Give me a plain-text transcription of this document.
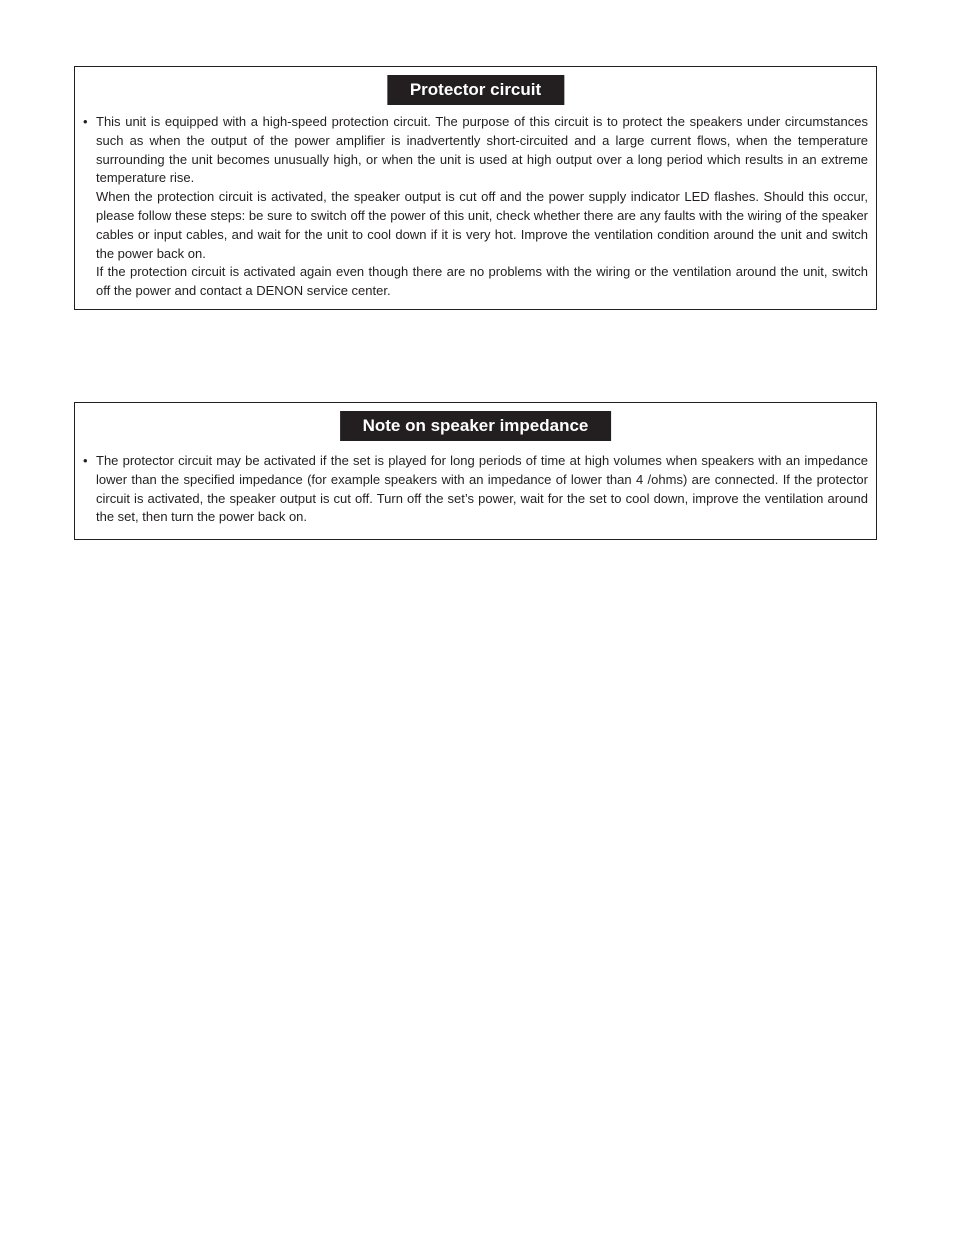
Protector circuit
• This unit is equipped with a high-speed protection circuit. The purpose of this circuit is to protect the speakers under circumstances such as when the output of the power amplifier is inadvertently short-circuited and a large current flows, when the temperature surrounding the unit becomes unusually high, or when the unit is used at high output over a long period which results in an extreme temperature rise.

When the protection circuit is activated, the speaker output is cut off and the power supply indicator LED flashes. Should this occur, please follow these steps: be sure to switch off the power of this unit, check whether there are any faults with the wiring of the speaker cables or input cables, and wait for the unit to cool down if it is very hot. Improve the ventilation condition around the unit and switch the power back on.

If the protection circuit is activated again even though there are no problems with the wiring or the ventilation around the unit, switch off the power and contact a DENON service center.

Note on speaker impedance
• The protector circuit may be activated if the set is played for long periods of time at high volumes when speakers with an impedance lower than the specified impedance (for example speakers with an impedance of lower than 4 /ohms) are connected. If the protector circuit is activated, the speaker output is cut off. Turn off the set’s power, wait for the set to cool down, improve the ventilation around the set, then turn the power back on.
